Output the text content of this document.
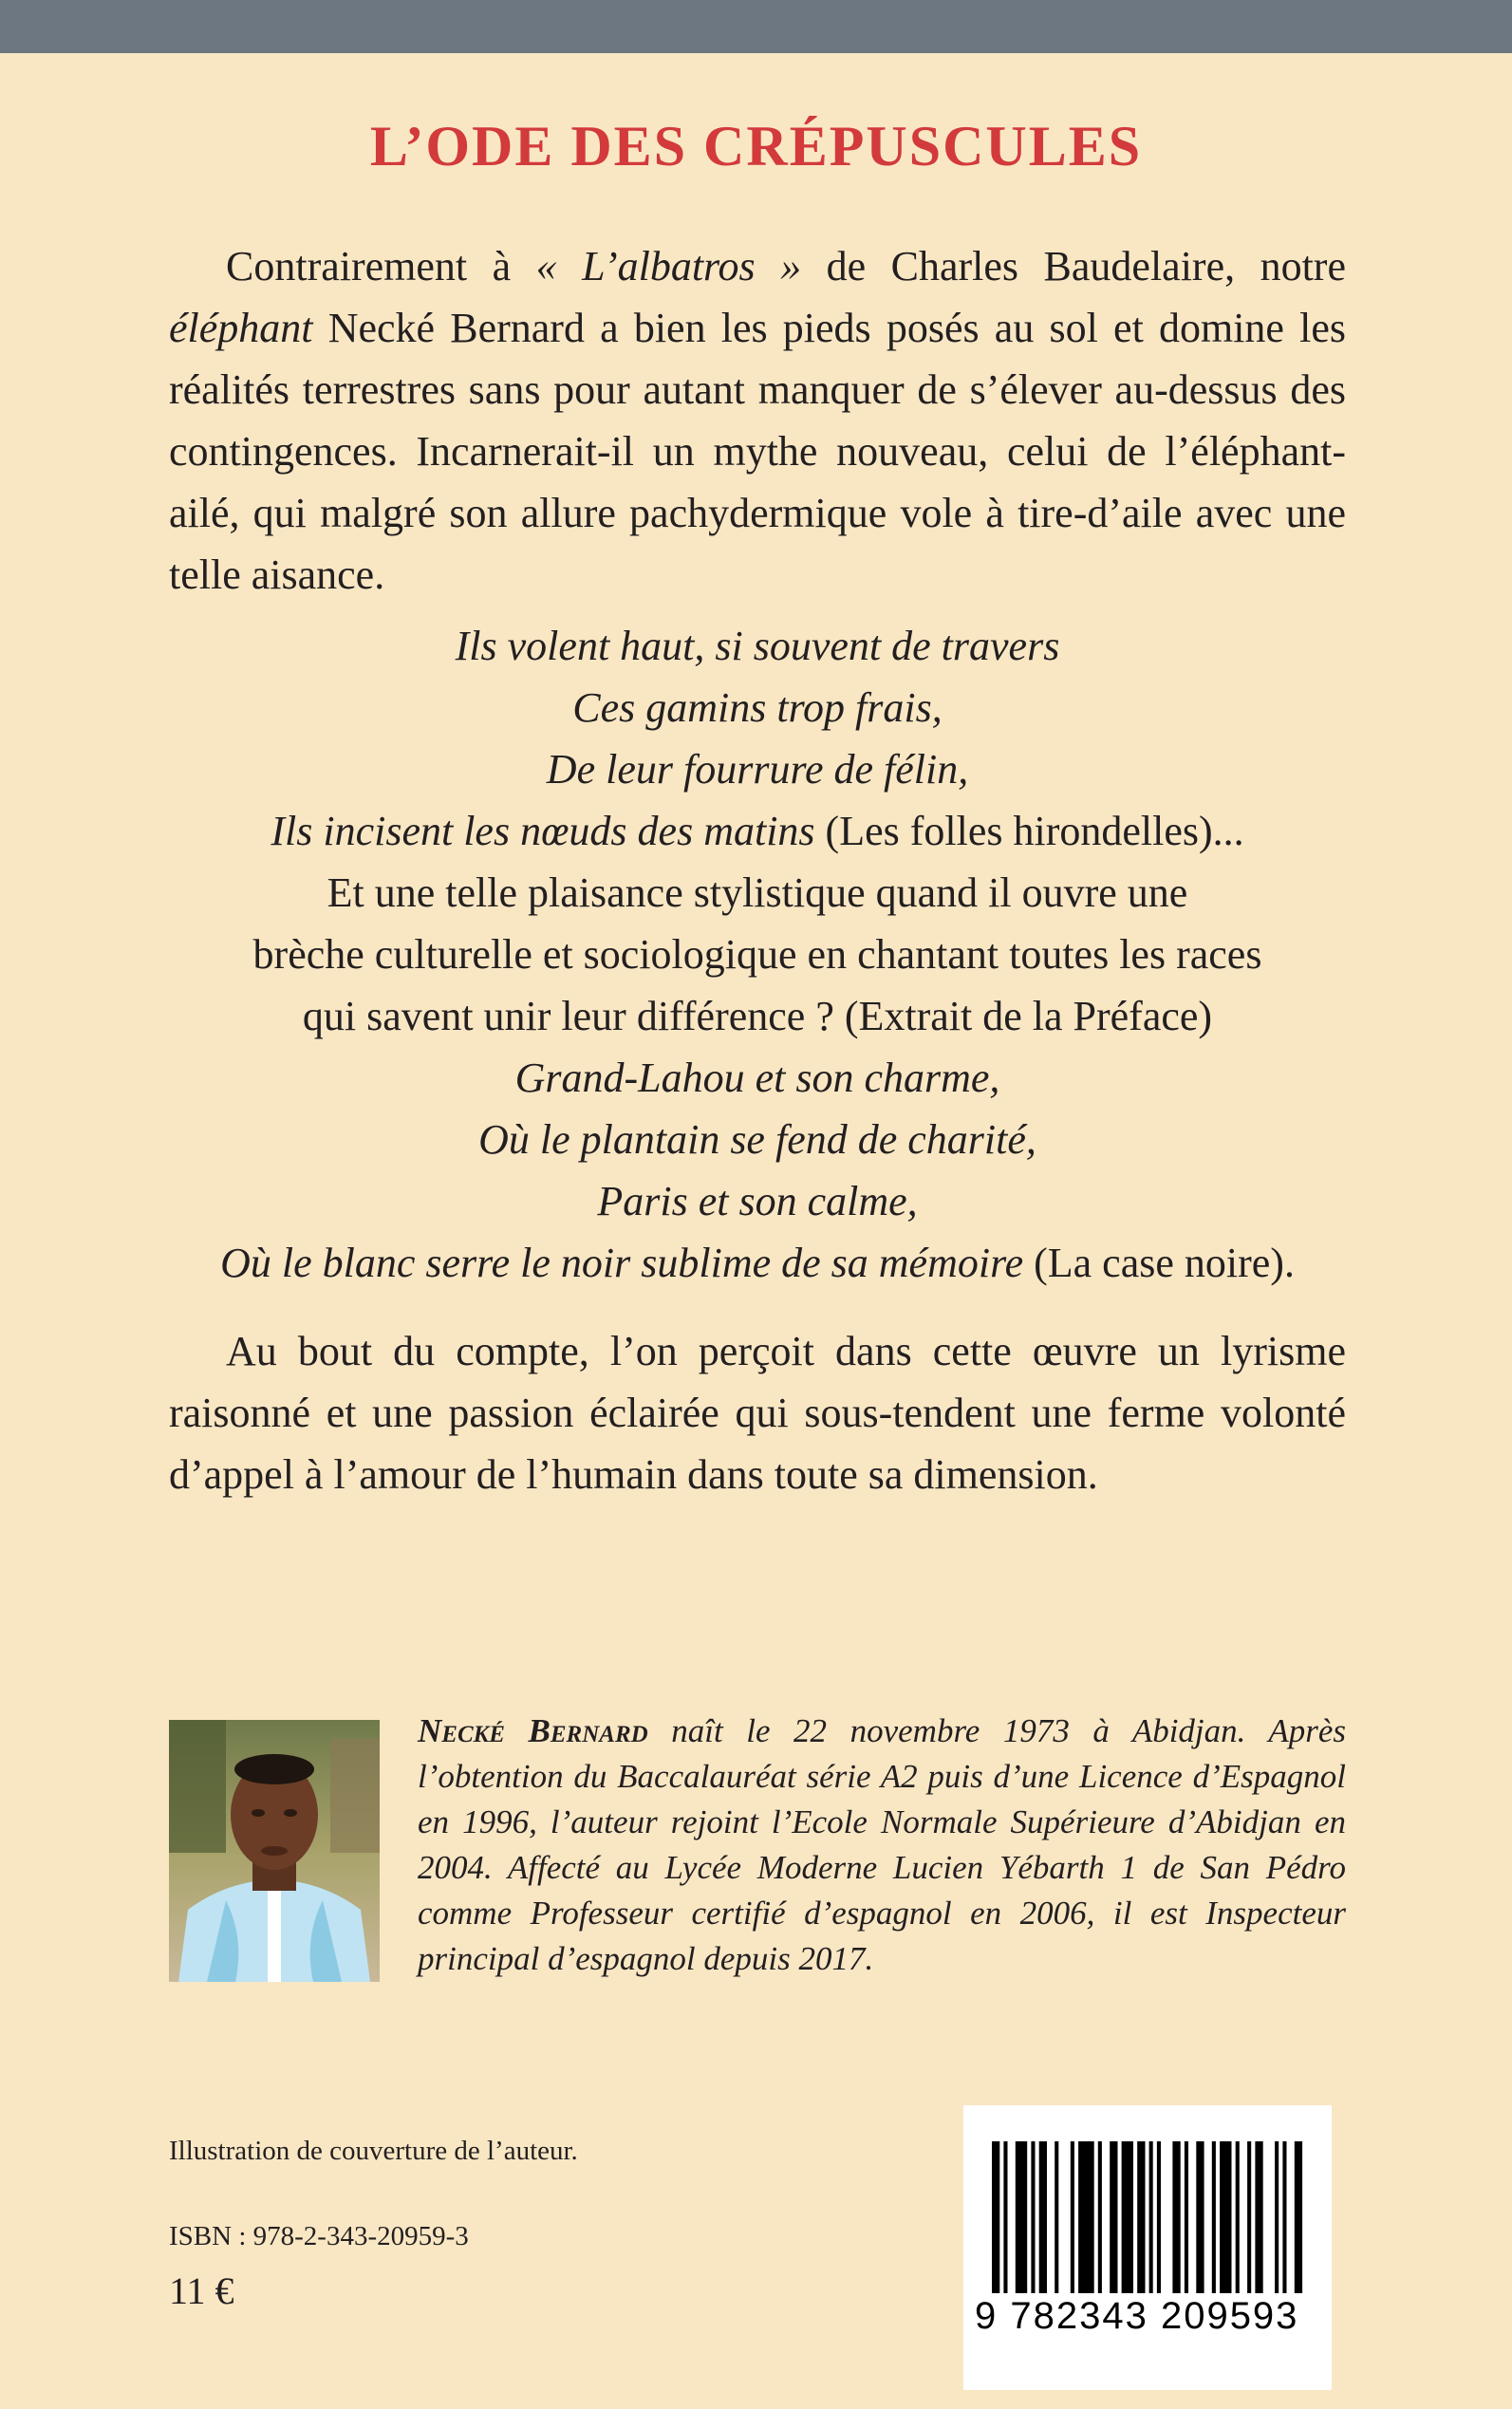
L’ODE DES CRÉPUSCULES

Contrairement à « L’albatros » de Charles Baudelaire, notre éléphant Necké Bernard a bien les pieds posés au sol et domine les réalités terrestres sans pour autant manquer de s’élever au-dessus des contingences. Incarnerait-il un mythe nouveau, celui de l’éléphant-ailé, qui malgré son allure pachydermique vole à tire-d’aile avec une telle aisance.

Ils volent haut, si souvent de travers
Ces gamins trop frais,
De leur fourrure de félin,
Ils incisent les nœuds des matins (Les folles hirondelles)...

Et une telle plaisance stylistique quand il ouvre une
brèche culturelle et sociologique en chantant toutes les races
qui savent unir leur différence ? (Extrait de la Préface)

Grand-Lahou et son charme,
Où le plantain se fend de charité,
Paris et son calme,
Où le blanc serre le noir sublime de sa mémoire (La case noire).

Au bout du compte, l’on perçoit dans cette œuvre un lyrisme raisonné et une passion éclairée qui sous-tendent une ferme volonté d’appel à l’amour de l’humain dans toute sa dimension.

Necké Bernard naît le 22 novembre 1973 à Abidjan. Après l’obtention du Baccalauréat série A2 puis d’une Licence d’Espagnol en 1996, l’auteur rejoint l’Ecole Normale Supérieure d’Abidjan en 2004. Affecté au Lycée Moderne Lucien Yébarth 1 de San Pédro comme Professeur certifié d’espagnol en 2006, il est Inspecteur principal d’espagnol depuis 2017.

Illustration de couverture de l’auteur.

ISBN : 978-2-343-20959-3

11 €

9 782343 209593
